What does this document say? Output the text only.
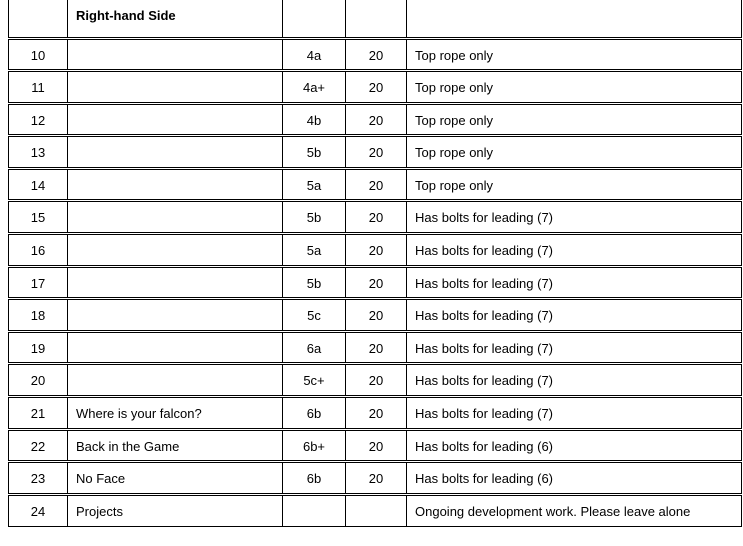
	Right-hand Side			
10		4a	20	Top rope only
11		4a+	20	Top rope only
12		4b	20	Top rope only
13		5b	20	Top rope only
14		5a	20	Top rope only
15		5b	20	Has bolts for leading (7)
16		5a	20	Has bolts for leading (7)
17		5b	20	Has bolts for leading (7)
18		5c	20	Has bolts for leading (7)
19		6a	20	Has bolts for leading (7)
20		5c+	20	Has bolts for leading (7)
21	Where is your falcon?	6b	20	Has bolts for leading (7)
22	Back in the Game	6b+	20	Has bolts for leading (6)
23	No Face	6b	20	Has bolts for leading (6)
24	Projects			Ongoing development work. Please leave alone
